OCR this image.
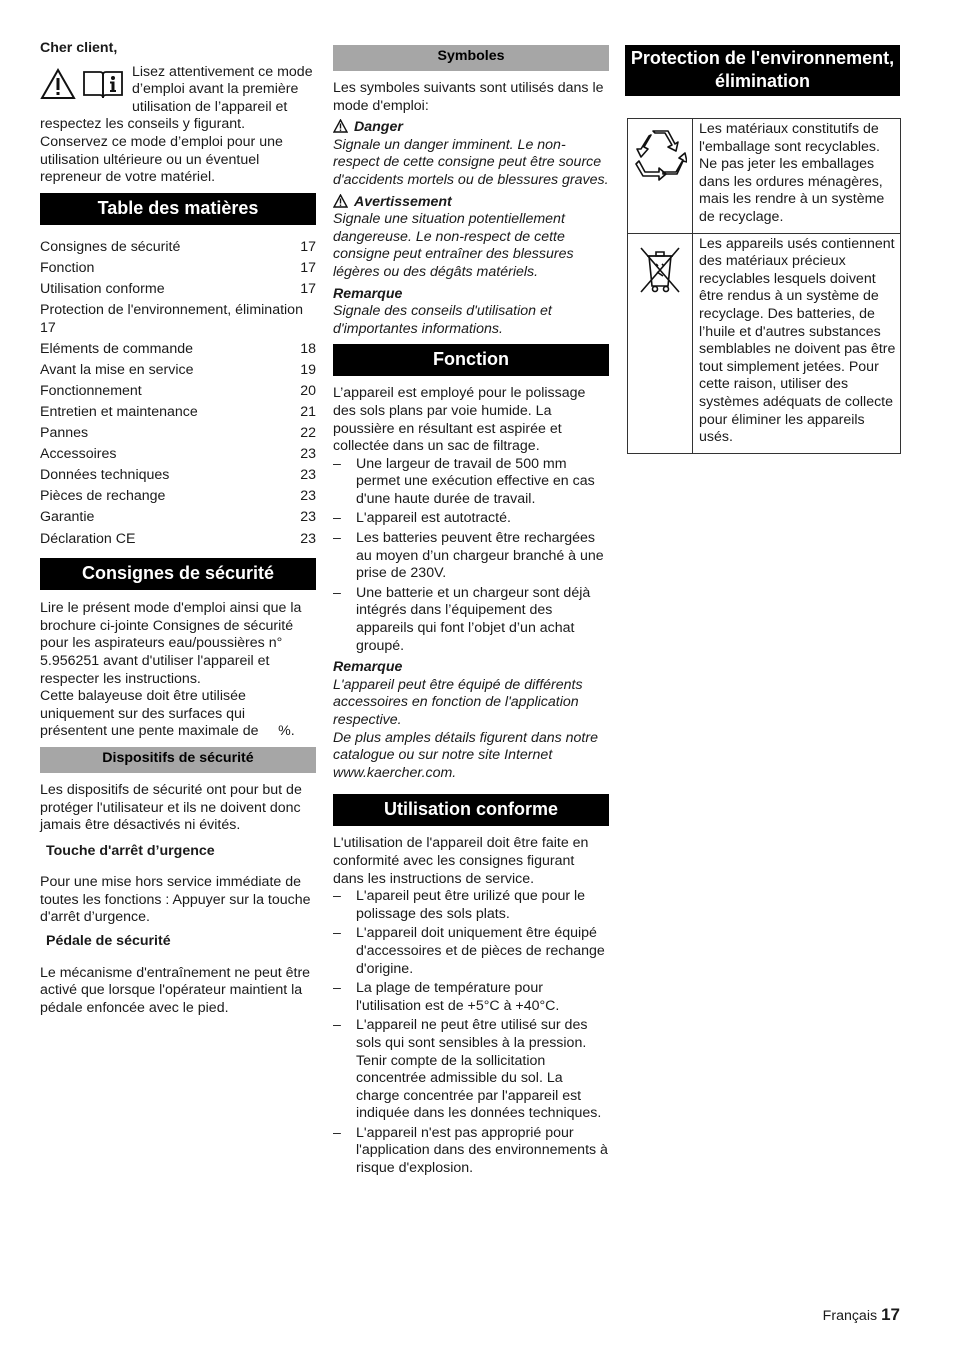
Cher client,

Lisez attentivement ce mode d’emploi avant la première utilisation de l’appareil et

respectez les conseils y figurant. Conservez ce mode d’emploi pour une utilisation ultérieure ou un éventuel repreneur de votre matériel.

Table des matières
Consignes de sécurité	17
Fonction	17
Utilisation conforme	17
Protection de l'environnement, élimination 17
Eléments de commande	18
Avant la mise en service	19
Fonctionnement	20
Entretien et maintenance	21
Pannes	22
Accessoires	23
Données techniques	23
Pièces de rechange	23
Garantie	23
Déclaration CE	23
Consignes de sécurité

Lire le présent mode d'emploi ainsi que la brochure ci-jointe Consignes de sécurité pour les aspirateurs eau/poussières n° 5.956251 avant d'utiliser l'appareil et respecter les instructions.

Cette balayeuse doit être utilisée uniquement sur des surfaces qui présentent une pente maximale de     %.

Dispositifs de sécurité

Les dispositifs de sécurité ont pour but de protéger l'utilisateur et ils ne doivent donc jamais être désactivés ni évités.

Touche d'arrêt d’urgence

Pour une mise hors service immédiate de toutes les fonctions : Appuyer sur la touche d'arrêt d’urgence.

Pédale de sécurité

Le mécanisme d'entraînement ne peut être activé que lorsque l'opérateur maintient la pédale enfoncée avec le pied.

Symboles

Les symboles suivants sont utilisés dans le mode d'emploi:

Danger

Signale un danger imminent. Le non-respect de cette consigne peut être source d'accidents mortels ou de blessures graves.

Avertissement

Signale une situation potentiellement dangereuse. Le non-respect de cette consigne peut entraîner des blessures légères ou des dégâts matériels.

Remarque

Signale des conseils d'utilisation et d'importantes informations.

Fonction

L’appareil est employé pour le polissage des sols plans par voie humide. La poussière en résultant est aspirée et collectée dans un sac de filtrage.

– Une largeur de travail de 500 mm permet une exécution effective en cas d'une haute durée de travail.
– L'appareil est autotracté.
– Les batteries peuvent être rechargées au moyen d’un chargeur branché à une prise de 230V.
– Une batterie et un chargeur sont déjà intégrés dans l’équipement des appareils qui font l’objet d’un achat groupé.

Remarque

L'appareil peut être équipé de différents accessoires en fonction de l'application respective.

De plus amples détails figurent dans notre catalogue ou sur notre site Internet www.kaercher.com.

Utilisation conforme

L'utilisation de l'appareil doit être faite en conformité avec les consignes figurant dans les instructions de service.

– L'apareil peut être urilizé que pour le polissage des sols plats.
– L'appareil doit uniquement être équipé d'accessoires et de pièces de rechange d'origine.
– La plage de température pour l'utilisation est de +5°C à +40°C.
– L'appareil ne peut être utilisé sur des sols qui sont sensibles à la pression. Tenir compte de la sollicitation concentrée admissible du sol. La charge concentrée par l'appareil est indiquée dans les données techniques.
– L'appareil n'est pas approprié pour l'application dans des environnements à risque d'explosion.
Protection de l'environnement, élimination

Les matériaux constitutifs de l'emballage sont recyclables. Ne pas jeter les emballages dans les ordures ménagères, mais les rendre à un système de recyclage.

Les appareils usés contiennent des matériaux précieux recyclables lesquels doivent être rendus à un système de recyclage. Des batteries, de l’huile et d'autres substances semblables ne doivent pas être tout simplement jetées. Pour cette raison, utiliser des systèmes adéquats de collecte pour éliminer les appareils usés.

Français 17
